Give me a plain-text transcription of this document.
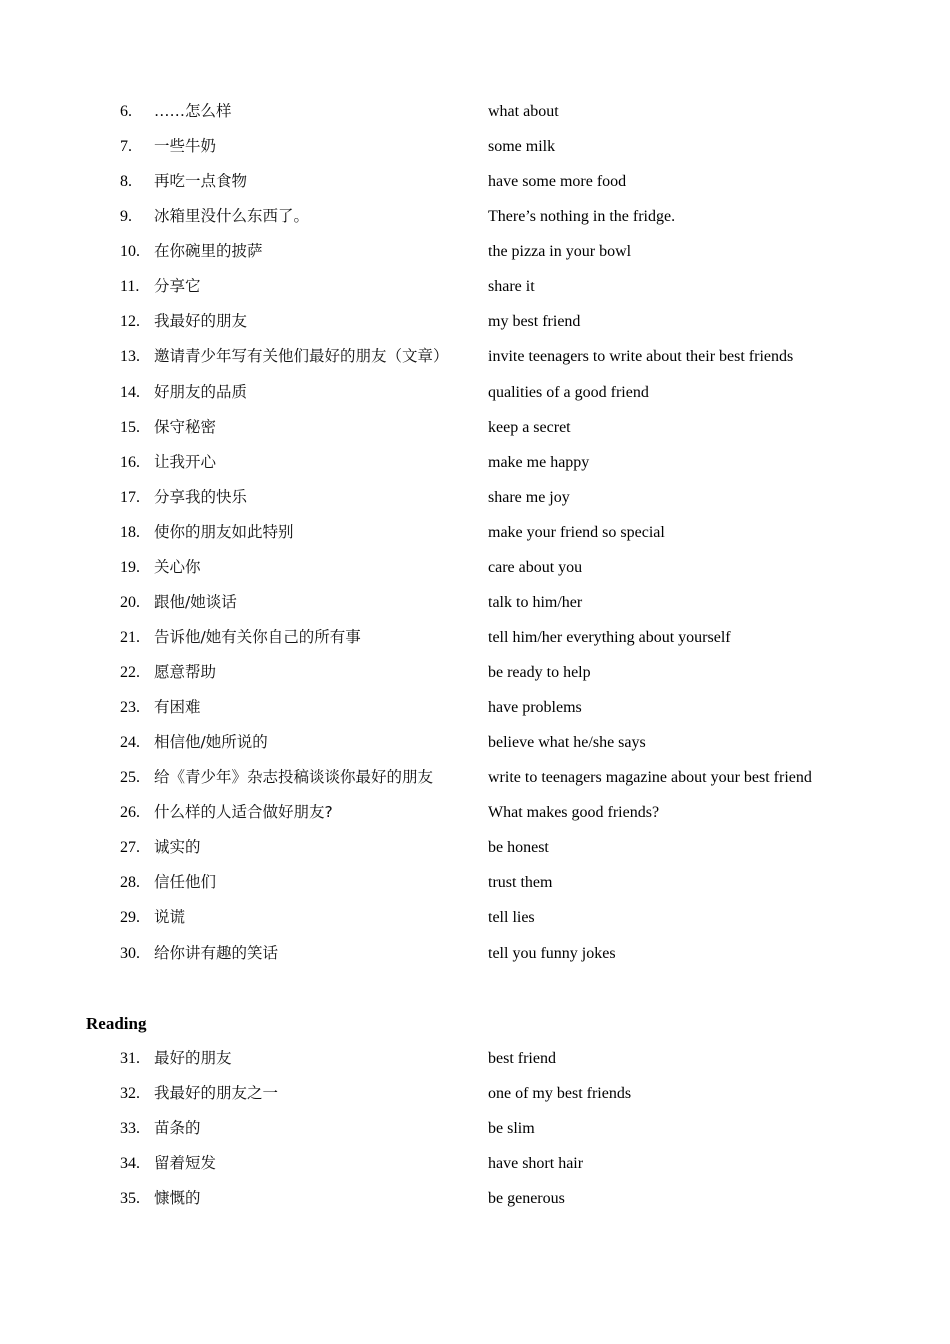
6.	……怎么样	what about
7.	一些牛奶	some milk
8.	再吃一点食物	have some more food
9.	冰箱里没什么东西了。	There’s nothing in the fridge.
10. 在你碗里的披萨	the pizza in your bowl
11. 分享它	share it
12. 我最好的朋友	my best friend
13. 邀请青少年写有关他们最好的朋友（文章） invite teenagers to write about their best friends
14. 好朋友的品质	qualities of a good friend
15. 保守秘密	keep a secret
16. 让我开心	make me happy
17. 分享我的快乐	share me joy
18. 使你的朋友如此特别	make your friend so special
19. 关心你	care about you
20. 跟他/她谈话	talk to him/her
21. 告诉他/她有关你自己的所有事	tell him/her everything about yourself
22. 愿意帮助	be ready to help
23. 有困难	have problems
24. 相信他/她所说的	believe what he/she says
25. 给《青少年》杂志投稿谈谈你最好的朋友	write to teenagers magazine about your best friend
26. 什么样的人适合做好朋友?	What makes good friends?
27. 诚实的	be honest
28. 信任他们	trust them
29. 说谎	tell lies
30. 给你讲有趣的笑话	tell you funny jokes
Reading
31. 最好的朋友	best friend
32. 我最好的朋友之一	one of my best friends
33. 苗条的	be slim
34. 留着短发	have short hair
35. 慷慨的	be generous
